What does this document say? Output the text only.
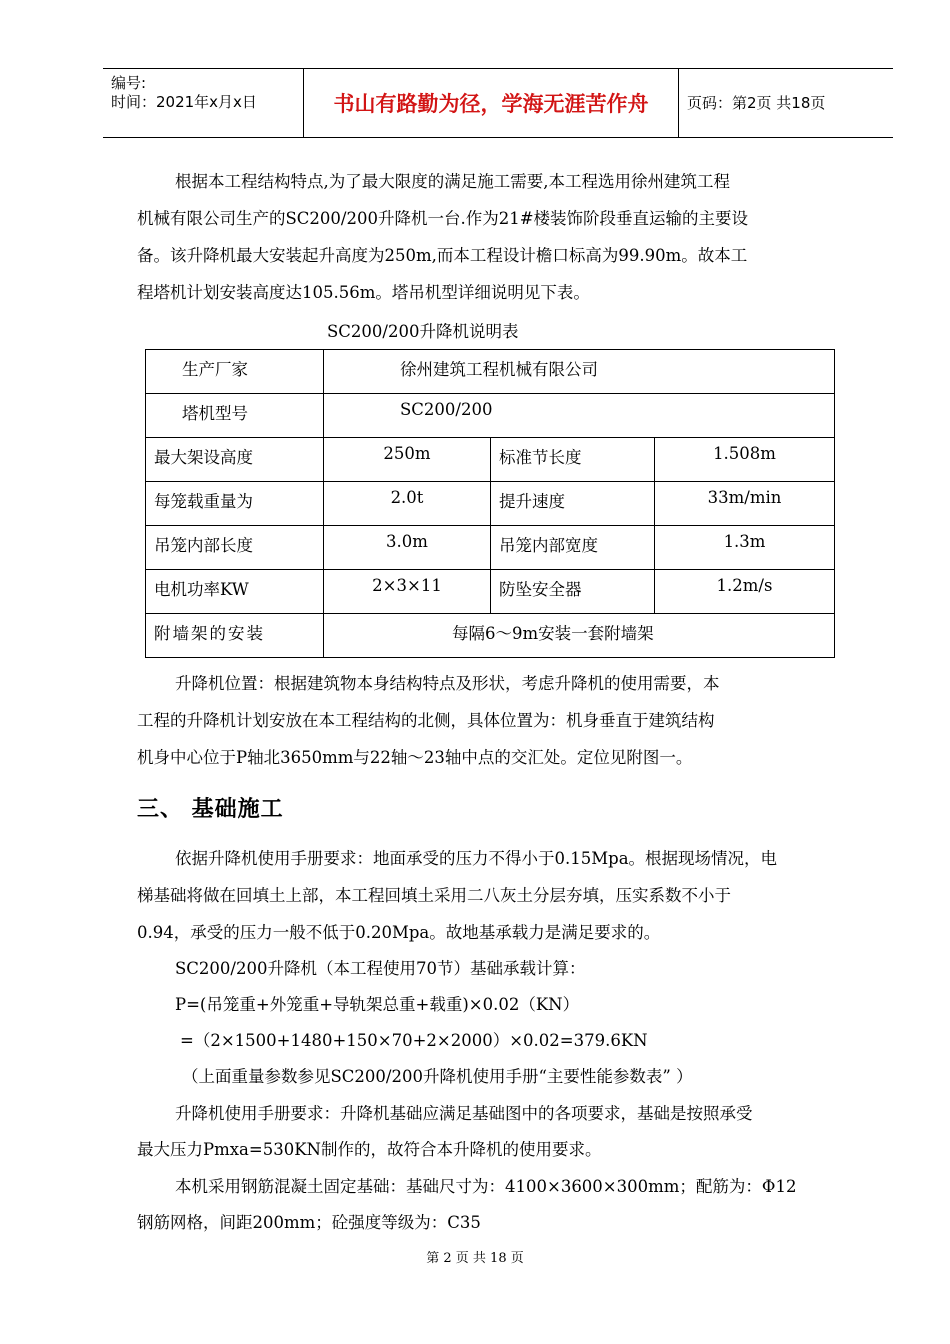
编号:
时间：2021年x月x日	书山有路勤为径，学海无涯苦作舟	页码：第2页 共18页
根据本工程结构特点,为了最大限度的满足施工需要,本工程选用徐州建筑工程
机械有限公司生产的SC200/200升降机一台.作为21#楼装饰阶段垂直运输的主要设
备。该升降机最大安装起升高度为250m,而本工程设计檐口标高为99.90m。故本工
程塔机计划安装高度达105.56m。塔吊机型详细说明见下表。
SC200/200升降机说明表
生产厂家	徐州建筑工程机械有限公司		
塔机型号	SC200/200		
最大架设高度	250m	标准节长度	1.508m
每笼载重量为	2.0t	提升速度	33m/min
吊笼内部长度	3.0m	吊笼内部宽度	1.3m
电机功率KW	2×3×11	防坠安全器	1.2m/s
附墙架的安装	每隔6～9m安装一套附墙架		
升降机位置：根据建筑物本身结构特点及形状，考虑升降机的使用需要，本
工程的升降机计划安放在本工程结构的北侧，具体位置为：机身垂直于建筑结构
机身中心位于P轴北3650mm与22轴～23轴中点的交汇处。定位见附图一。
三、 基础施工
依据升降机使用手册要求：地面承受的压力不得小于0.15Mpa。根据现场情况，电
梯基础将做在回填土上部，本工程回填土采用二八灰土分层夯填，压实系数不小于
0.94，承受的压力一般不低于0.20Mpa。故地基承载力是满足要求的。
SC200/200升降机（本工程使用70节）基础承载计算：
P=(吊笼重+外笼重+导轨架总重+载重)×0.02（KN）
=（2×1500+1480+150×70+2×2000）×0.02=379.6KN
（上面重量参数参见SC200/200升降机使用手册“主要性能参数表” ）
升降机使用手册要求：升降机基础应满足基础图中的各项要求，基础是按照承受
最大压力Pmxa=530KN制作的，故符合本升降机的使用要求。
本机采用钢筋混凝土固定基础：基础尺寸为：4100×3600×300mm；配筋为：Φ12
钢筋网格，间距200mm；砼强度等级为：C35
第 2 页 共 18 页
